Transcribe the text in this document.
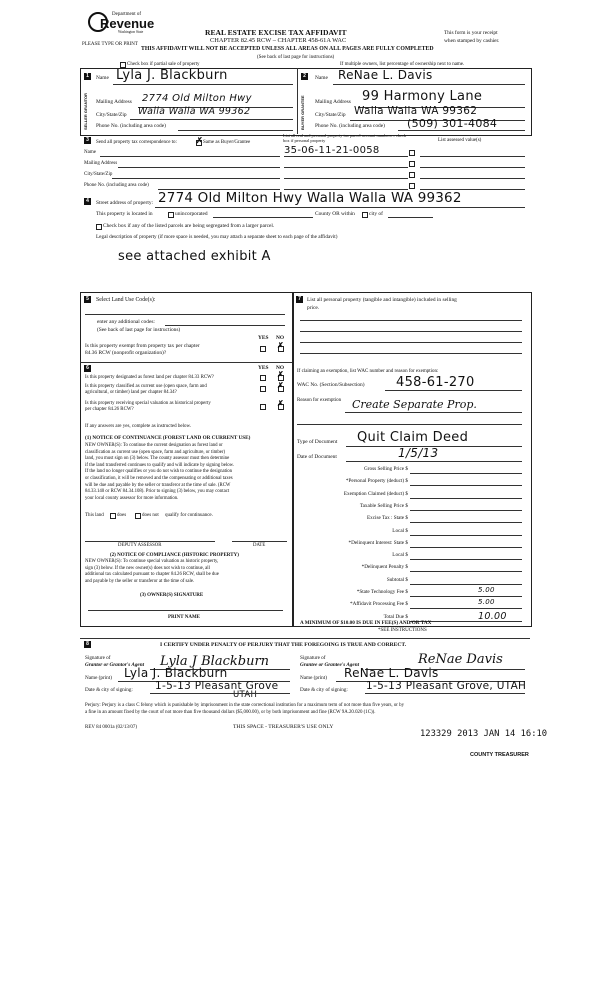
Department of
Revenue
Washington State
PLEASE TYPE OR PRINT
REAL ESTATE EXCISE TAX AFFIDAVIT
CHAPTER 82.45 RCW – CHAPTER 458-61A WAC
THIS AFFIDAVIT WILL NOT BE ACCEPTED UNLESS ALL AREAS ON ALL PAGES ARE FULLY COMPLETED
(See back of last page for instructions)
This form is your receipt
when stamped by cashier.
Check box if partial sale of property	If multiple owners, list percentage of ownership next to name.
1
SELLER GRANTOR
Name Lyla J. Blackburn
Mailing Address 2774 Old Milton Hwy
City/State/Zip Walla Walla WA 99362
Phone No. (including area code)
2
BUYER GRANTEE
Name ReNae L. Davis
Mailing Address 99 Harmony Lane
City/State/Zip Walla Walla WA 99362
Phone No. (including area code) (509) 301-4084
3	Send all property tax correspondence to: ✗ Same as Buyer/Grantee
Name
Mailing Address
City/State/Zip
Phone No. (including area code)
List all real and personal property tax parcel account numbers – check box if personal property	List assessed value(s)
35-06-11-21-0058
4	Street address of property: 2774 Old Milton Hwy Walla Walla WA 99362
This property is located in	unincorporated	County OR within	city of
Check box if any of the listed parcels are being segregated from a larger parcel.
Legal description of property (if more space is needed, you may attach a separate sheet to each page of the affidavit)
see attached exhibit A
5	Select Land Use Code(s):
enter any additional codes:
(See back of last page for instructions)
YES NO
Is this property exempt from property tax per chapter
84.36 RCW (nonprofit organization)?
✗
6	YES NO
Is this property designated as forest land per chapter 84.33 RCW?	✗
Is this property classified as current use (open space, farm and
agricultural, or timber) land per chapter 84.34?
✗
Is this property receiving special valuation as historical property
per chapter 84.26 RCW?
✗
If any answers are yes, complete as instructed below.
(1) NOTICE OF CONTINUANCE (FOREST LAND OR CURRENT USE)
NEW OWNER(S): To continue the current designation as forest land or
classification as current use (open space, farm and agriculture, or timber)
land, you must sign on (3) below. The county assessor must then determine
if the land transferred continues to qualify and will indicate by signing below.
If the land no longer qualifies or you do not wish to continue the designation
or classification, it will be removed and the compensating or additional taxes
will be due and payable by the seller or transferor at the time of sale. (RCW
84.33.140 or RCW 84.34.108). Prior to signing (3) below, you may contact
your local county assessor for more information.
This land	does	does not qualify for continuance.
DEPUTY ASSESSOR	DATE
(2) NOTICE OF COMPLIANCE (HISTORIC PROPERTY)
NEW OWNER(S): To continue special valuation as historic property,
sign (3) below. If the new owner(s) does not wish to continue, all
additional tax calculated pursuant to chapter 84.26 RCW, shall be due
and payable by the seller or transferor at the time of sale.
(3) OWNER(S) SIGNATURE
PRINT NAME
7	List all personal property (tangible and intangible) included in selling
price.
If claiming an exemption, list WAC number and reason for exemption:
WAC No. (Section/Subsection) 458-61-270
Reason for exemption Create Separate Prop.
Type of Document Quit Claim Deed
Date of Document	1/5/13
Gross Selling Price $
*Personal Property (deduct) $
Exemption Claimed (deduct) $
Taxable Selling Price $
Excise Tax : State $
Local $
*Delinquent Interest: State $
Local $
*Delinquent Penalty $
Subtotal $
*State Technology Fee $	5.00
*Affidavit Processing Fee $	5.00
Total Due $	10.00
A MINIMUM OF $10.00 IS DUE IN FEE(S) AND/OR TAX
*SEE INSTRUCTIONS
8	I CERTIFY UNDER PENALTY OF PERJURY THAT THE FOREGOING IS TRUE AND CORRECT.
Signature of
Grantor or Grantor's Agent Lyla J Blackburn
Name (print) Lyla J. Blackburn
Date & city of signing: 1-5-13 Pleasant Grove
UTAH
Signature of
Grantee or Grantee's Agent	ReNae Davis
Name (print) ReNae L. Davis
Date & city of signing: 1-5-13 Pleasant Grove, UTAH
Perjury: Perjury is a class C felony which is punishable by imprisonment in the state correctional institution for a maximum term of not more than five years, or by
a fine in an amount fixed by the court of not more than five thousand dollars ($5,000.00), or by both imprisonment and fine (RCW 9A.20.020 (1C)).
REV 84 0001a (02/13/07)	THIS SPACE - TREASURER'S USE ONLY
123329 2013 JAN 14 16:10
COUNTY TREASURER
